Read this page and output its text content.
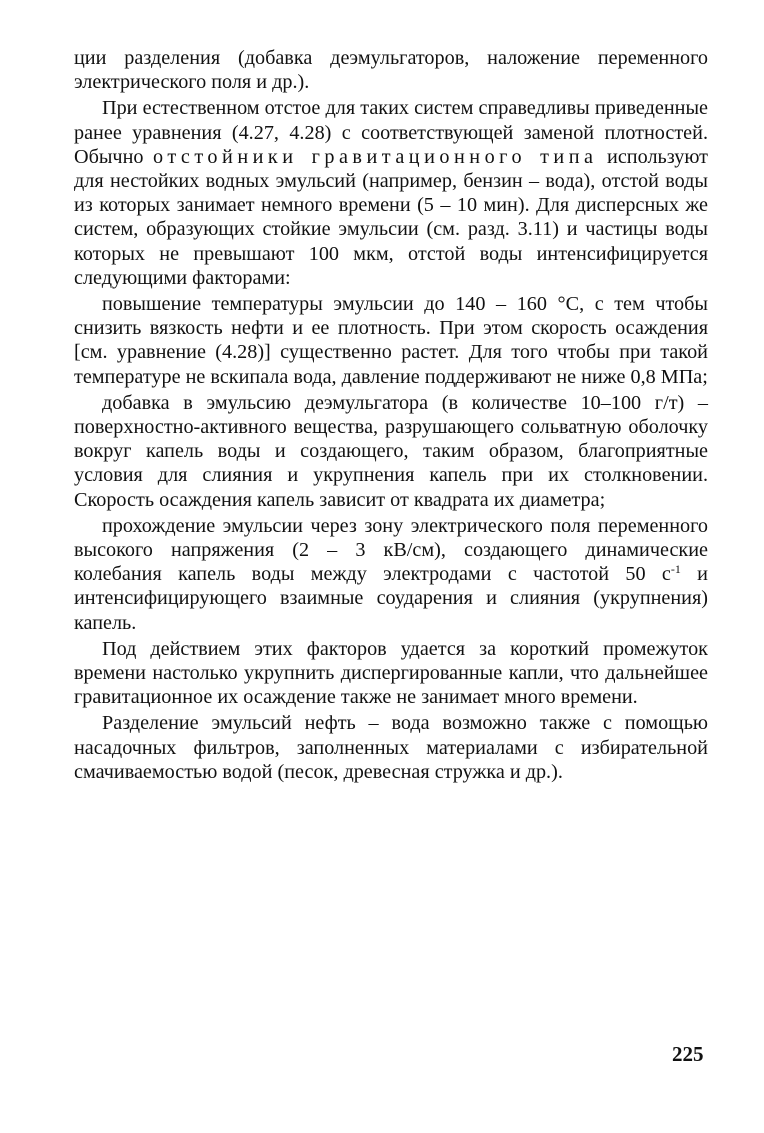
ции разделения (добавка деэмульгаторов, наложение переменного электрического поля и др.).

При естественном отстое для таких систем справедливы приведенные ранее уравнения (4.27, 4.28) с соответствующей заменой плотностей. Обычно отстойники гравитационного типа используют для нестойких водных эмульсий (например, бензин – вода), отстой воды из которых занимает немного времени (5 – 10 мин). Для дисперсных же систем, образующих стойкие эмульсии (см. разд. 3.11) и частицы воды которых не превышают 100 мкм, отстой воды интенсифицируется следующими факторами:

повышение температуры эмульсии до 140 – 160 °С, с тем чтобы снизить вязкость нефти и ее плотность. При этом скорость осаждения [см. уравнение (4.28)] существенно растет. Для того чтобы при такой температуре не вскипала вода, давление поддерживают не ниже 0,8 МПа;

добавка в эмульсию деэмульгатора (в количестве 10–100 г/т) – поверхностно-активного вещества, разрушающего сольватную оболочку вокруг капель воды и создающего, таким образом, благоприятные условия для слияния и укрупнения капель при их столкновении. Скорость осаждения капель зависит от квадрата их диаметра;

прохождение эмульсии через зону электрического поля переменного высокого напряжения (2 – 3 кВ/см), создающего динамические колебания капель воды между электродами с частотой 50 $с^{-1}$ и интенсифицирующего взаимные соударения и слияния (укрупнения) капель.

Под действием этих факторов удается за короткий промежуток времени настолько укрупнить диспергированные капли, что дальнейшее гравитационное их осаждение также не занимает много времени.

Разделение эмульсий нефть – вода возможно также с помощью насадочных фильтров, заполненных материалами с избирательной смачиваемостью водой (песок, древесная стружка и др.).

225
